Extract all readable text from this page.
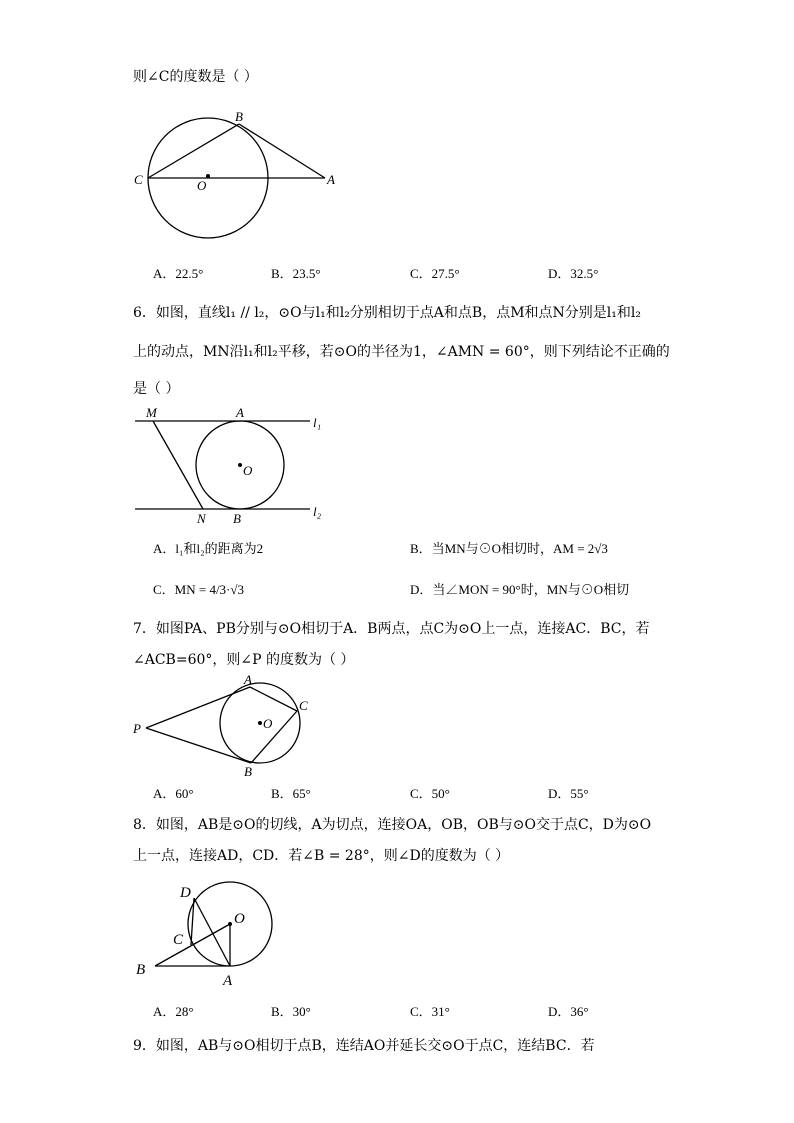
则∠C的度数是（ ）
B
C	O	A
A．22.5°	B．23.5°	C．27.5°	D．32.5°
6．如图，直线l₁ // l₂，⊙O与l₁和l₂分别相切于点A和点B，点M和点N分别是l₁和l₂
上的动点，MN沿l₁和l₂平移，若⊙O的半径为1，∠AMN = 60°，则下列结论不正确的
是（ ）
M	A
l₁
O
N B	l₂
A．l₁和l₂的距离为2	B．当MN与⊙O相切时，AM = 2√3
C．MN = 4/3·√3	D．当∠MON = 90°时，MN与⊙O相切
7．如图PA、PB分别与⊙O相切于A．B两点，点C为⊙O上一点，连接AC．BC，若
∠ACB=60°，则∠P 的度数为（ ）
A
C
P	O
B
A．60°	B．65°	C．50°	D．55°
8．如图，AB是⊙O的切线，A为切点，连接OA，OB，OB与⊙O交于点C，D为⊙O
上一点，连接AD，CD．若∠B = 28°，则∠D的度数为（ ）
D
O
C
B
A
A．28°	B．30°	C．31°	D．36°
9．如图，AB与⊙O相切于点B，连结AO并延长交⊙O于点C，连结BC．若
